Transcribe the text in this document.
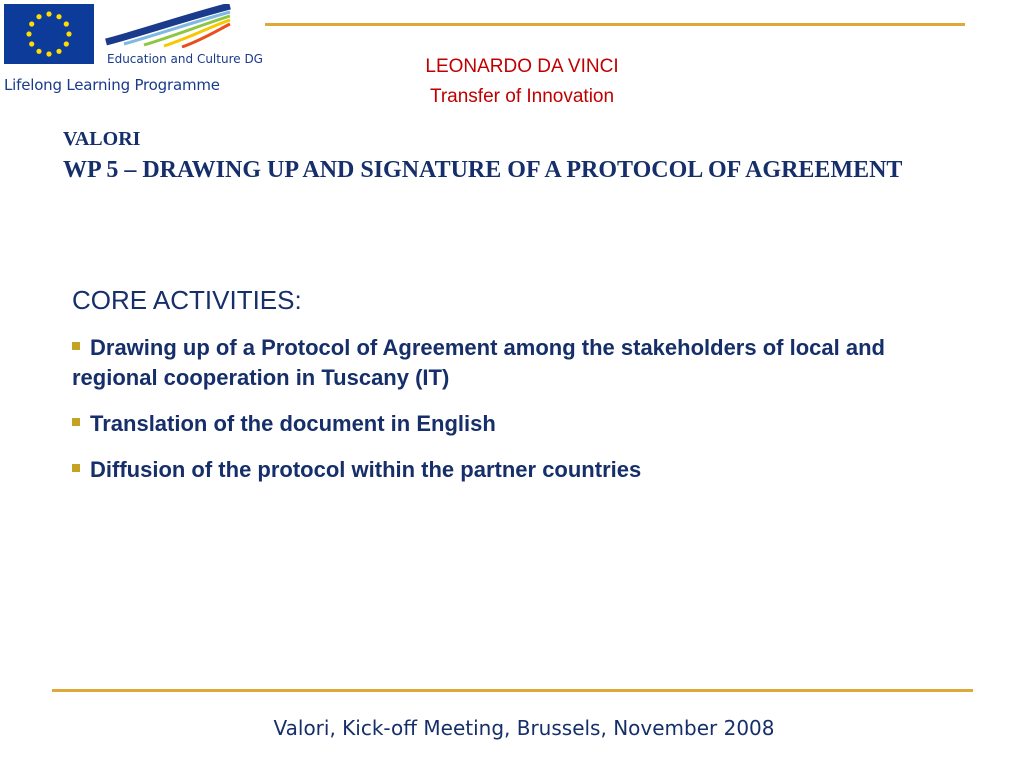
Education and Culture DG
Lifelong Learning Programme
LEONARDO DA VINCI
Transfer of Innovation
VALORI
WP 5 – DRAWING UP AND SIGNATURE OF A PROTOCOL OF AGREEMENT
CORE ACTIVITIES:
Drawing up of a Protocol of Agreement among the stakeholders of local and regional cooperation in Tuscany (IT)
Translation of the document in English
Diffusion of the protocol within the partner countries
Valori, Kick-off Meeting, Brussels, November 2008
